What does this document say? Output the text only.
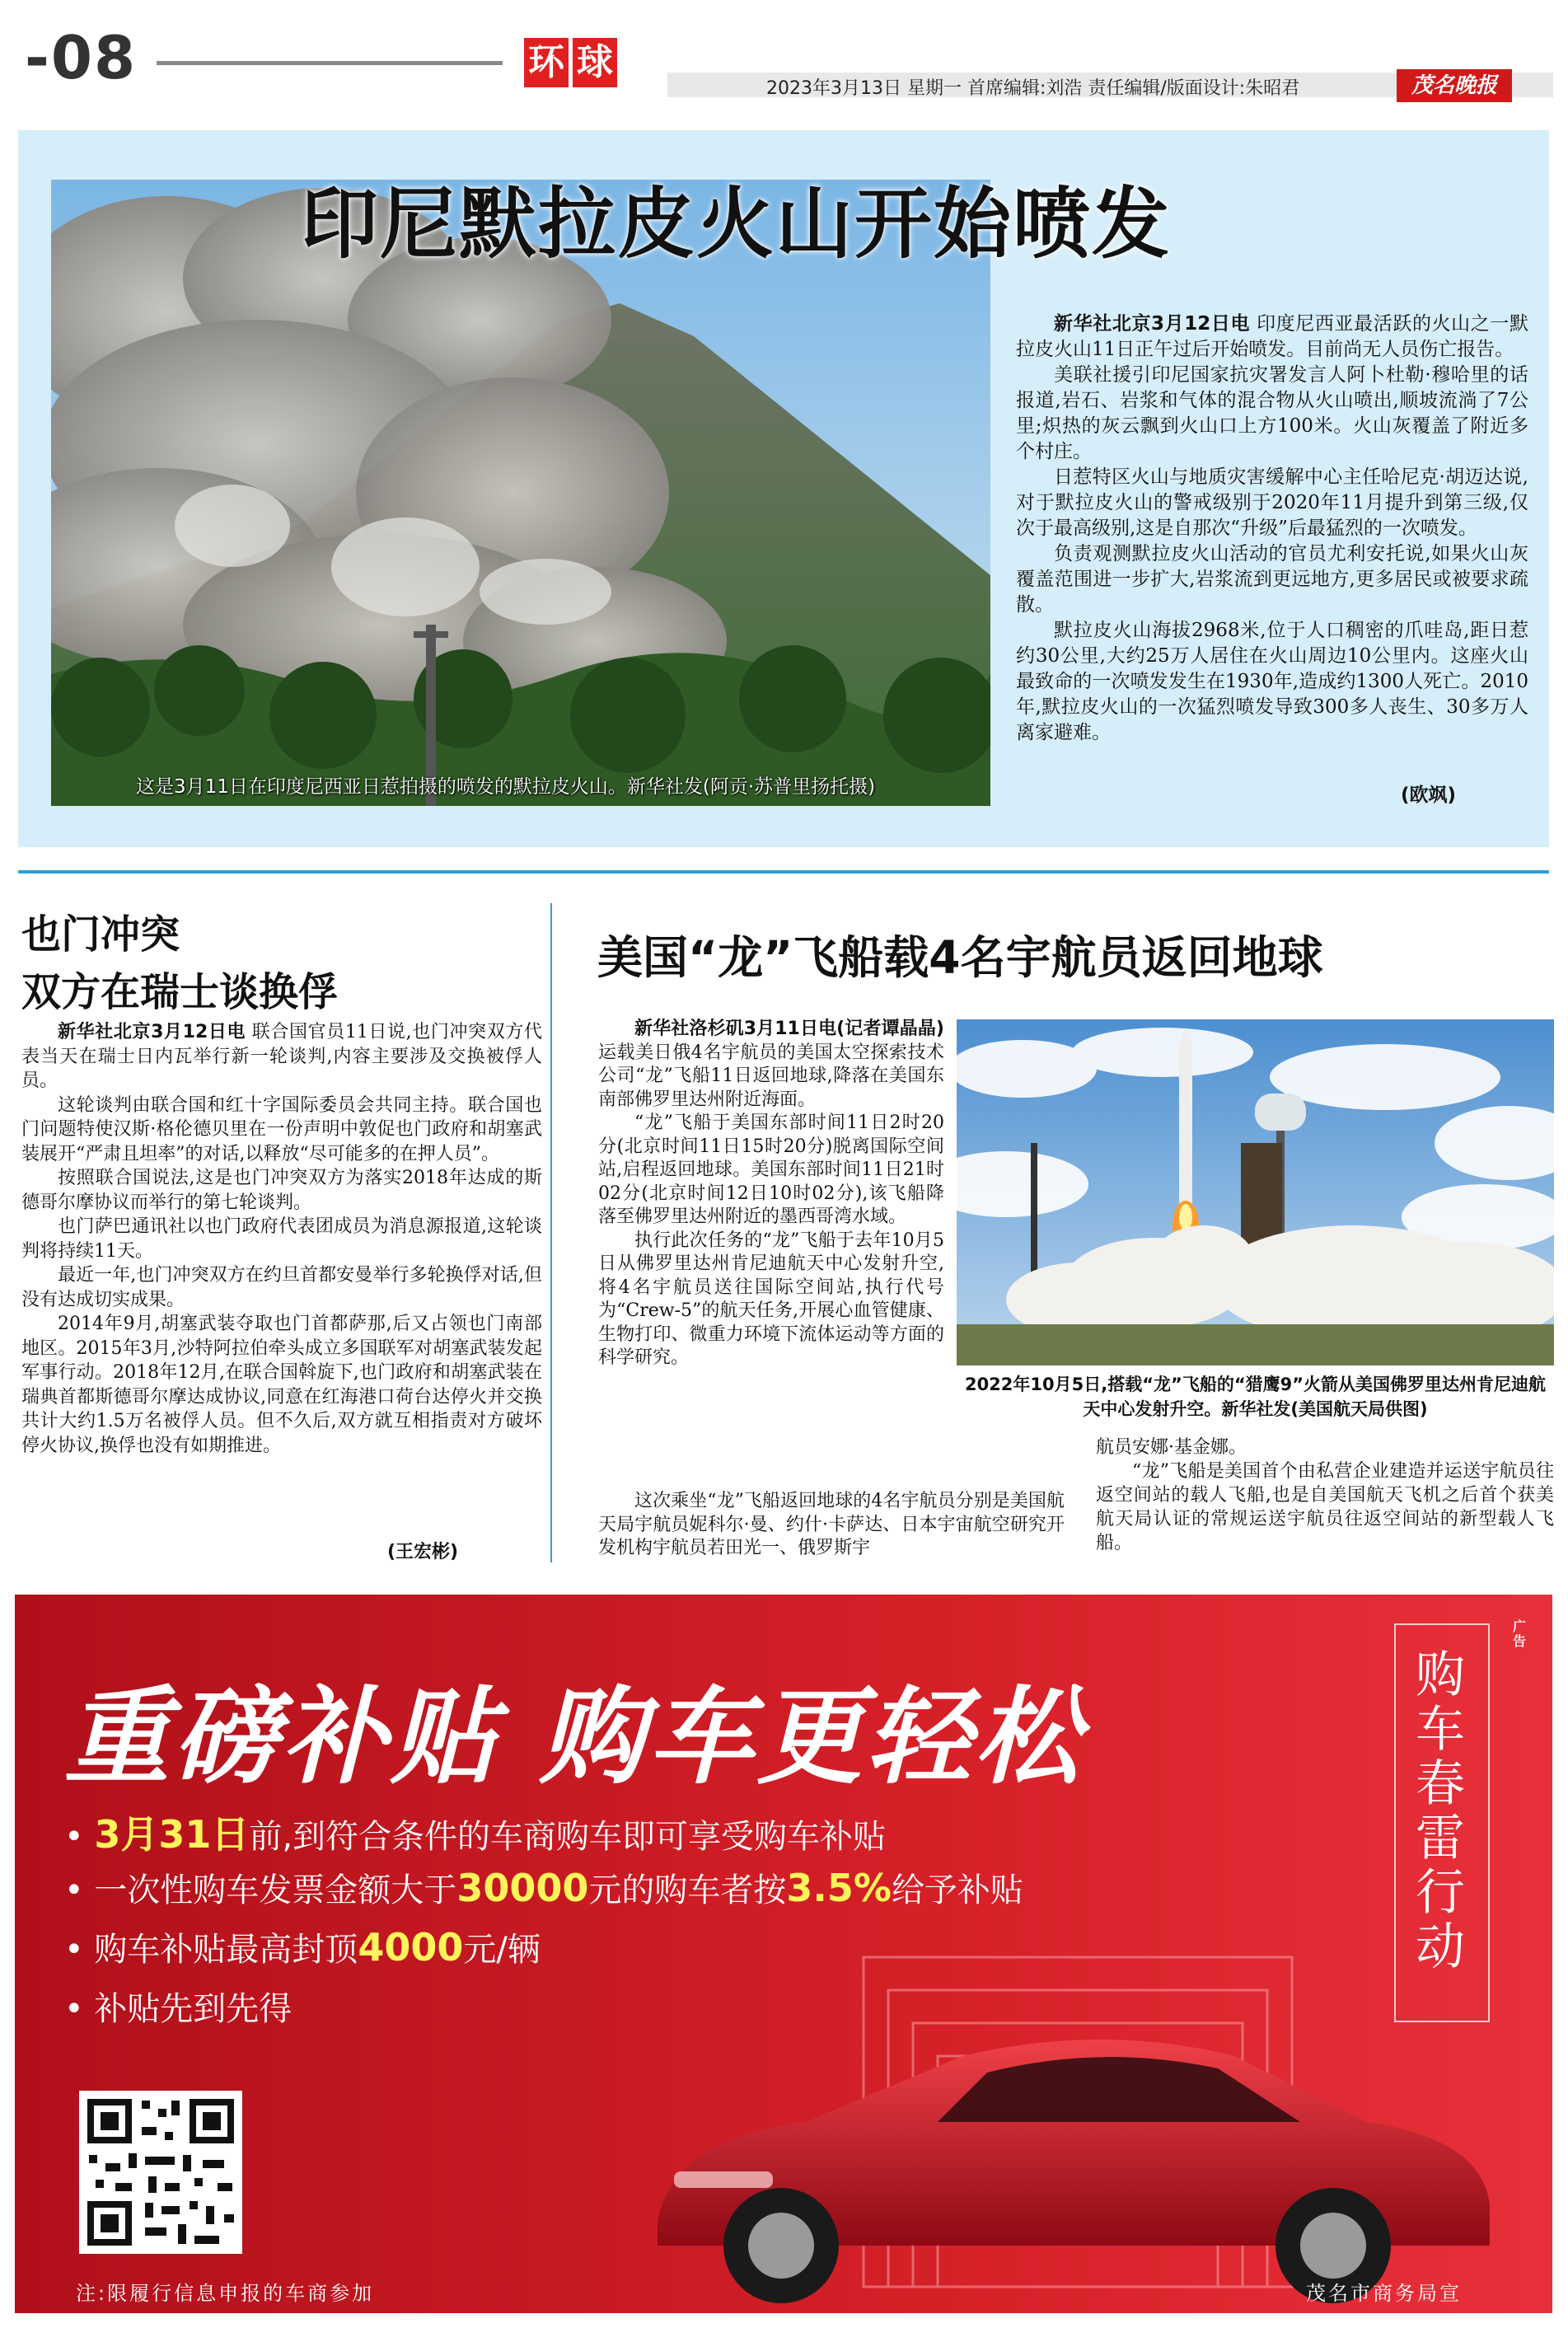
-08	环 球
2023年3月13日 星期一 首席编辑:刘浩 责任编辑/版面设计:朱昭君	茂名晚报
印尼默拉皮火山开始喷发
这是3月11日在印度尼西亚日惹拍摄的喷发的默拉皮火山。新华社发(阿贡·苏普里扬托摄)

新华社北京3月12日电 印度尼西亚最活跃的火山之一默拉皮火山11日正午过后开始喷发。目前尚无人员伤亡报告。

美联社援引印尼国家抗灾署发言人阿卜杜勒·穆哈里的话报道,岩石、岩浆和气体的混合物从火山喷出,顺坡流淌了7公里;炽热的灰云飘到火山口上方100米。火山灰覆盖了附近多个村庄。

日惹特区火山与地质灾害缓解中心主任哈尼克·胡迈达说,对于默拉皮火山的警戒级别于2020年11月提升到第三级,仅次于最高级别,这是自那次“升级”后最猛烈的一次喷发。

负责观测默拉皮火山活动的官员尤利安托说,如果火山灰覆盖范围进一步扩大,岩浆流到更远地方,更多居民或被要求疏散。

默拉皮火山海拔2968米,位于人口稠密的爪哇岛,距日惹约30公里,大约25万人居住在火山周边10公里内。这座火山最致命的一次喷发发生在1930年,造成约1300人死亡。2010年,默拉皮火山的一次猛烈喷发导致300多人丧生、30多万人离家避难。

(欧飒)
也门冲突
双方在瑞士谈换俘

新华社北京3月12日电 联合国官员11日说,也门冲突双方代表当天在瑞士日内瓦举行新一轮谈判,内容主要涉及交换被俘人员。

这轮谈判由联合国和红十字国际委员会共同主持。联合国也门问题特使汉斯·格伦德贝里在一份声明中敦促也门政府和胡塞武装展开“严肃且坦率”的对话,以释放“尽可能多的在押人员”。

按照联合国说法,这是也门冲突双方为落实2018年达成的斯德哥尔摩协议而举行的第七轮谈判。

也门萨巴通讯社以也门政府代表团成员为消息源报道,这轮谈判将持续11天。

最近一年,也门冲突双方在约旦首都安曼举行多轮换俘对话,但没有达成切实成果。

2014年9月,胡塞武装夺取也门首都萨那,后又占领也门南部地区。2015年3月,沙特阿拉伯牵头成立多国联军对胡塞武装发起军事行动。2018年12月,在联合国斡旋下,也门政府和胡塞武装在瑞典首都斯德哥尔摩达成协议,同意在红海港口荷台达停火并交换共计大约1.5万名被俘人员。但不久后,双方就互相指责对方破坏停火协议,换俘也没有如期推进。

(王宏彬)
美国“龙”飞船载4名宇航员返回地球
2022年10月5日,搭载“龙”飞船的“猎鹰9”火箭从美国佛罗里达州肯尼迪航天中心发射升空。新华社发(美国航天局供图)

新华社洛杉矶3月11日电(记者谭晶晶)运载美日俄4名宇航员的美国太空探索技术公司“龙”飞船11日返回地球,降落在美国东南部佛罗里达州附近海面。

“龙”飞船于美国东部时间11日2时20分(北京时间11日15时20分)脱离国际空间站,启程返回地球。美国东部时间11日21时02分(北京时间12日10时02分),该飞船降落至佛罗里达州附近的墨西哥湾水域。

执行此次任务的“龙”飞船于去年10月5日从佛罗里达州肯尼迪航天中心发射升空,将4名宇航员送往国际空间站,执行代号为“Crew-5”的航天任务,开展心血管健康、生物打印、微重力环境下流体运动等方面的科学研究。

这次乘坐“龙”飞船返回地球的4名宇航员分别是美国航天局宇航员妮科尔·曼、约什·卡萨达、日本宇宙航空研究开发机构宇航员若田光一、俄罗斯宇

航员安娜·基金娜。

“龙”飞船是美国首个由私营企业建造并运送宇航员往返空间站的载人飞船,也是自美国航天飞机之后首个获美航天局认证的常规运送宇航员往返空间站的新型载人飞船。

广告
重磅补贴 购车更轻松
购
车
春
雷
行
动
• 3月31日前,到符合条件的车商购车即可享受购车补贴
• 一次性购车发票金额大于30000元的购车者按3.5%给予补贴
• 购车补贴最高封顶4000元/辆
• 补贴先到先得
注:限履行信息申报的车商参加	茂名市商务局宣
